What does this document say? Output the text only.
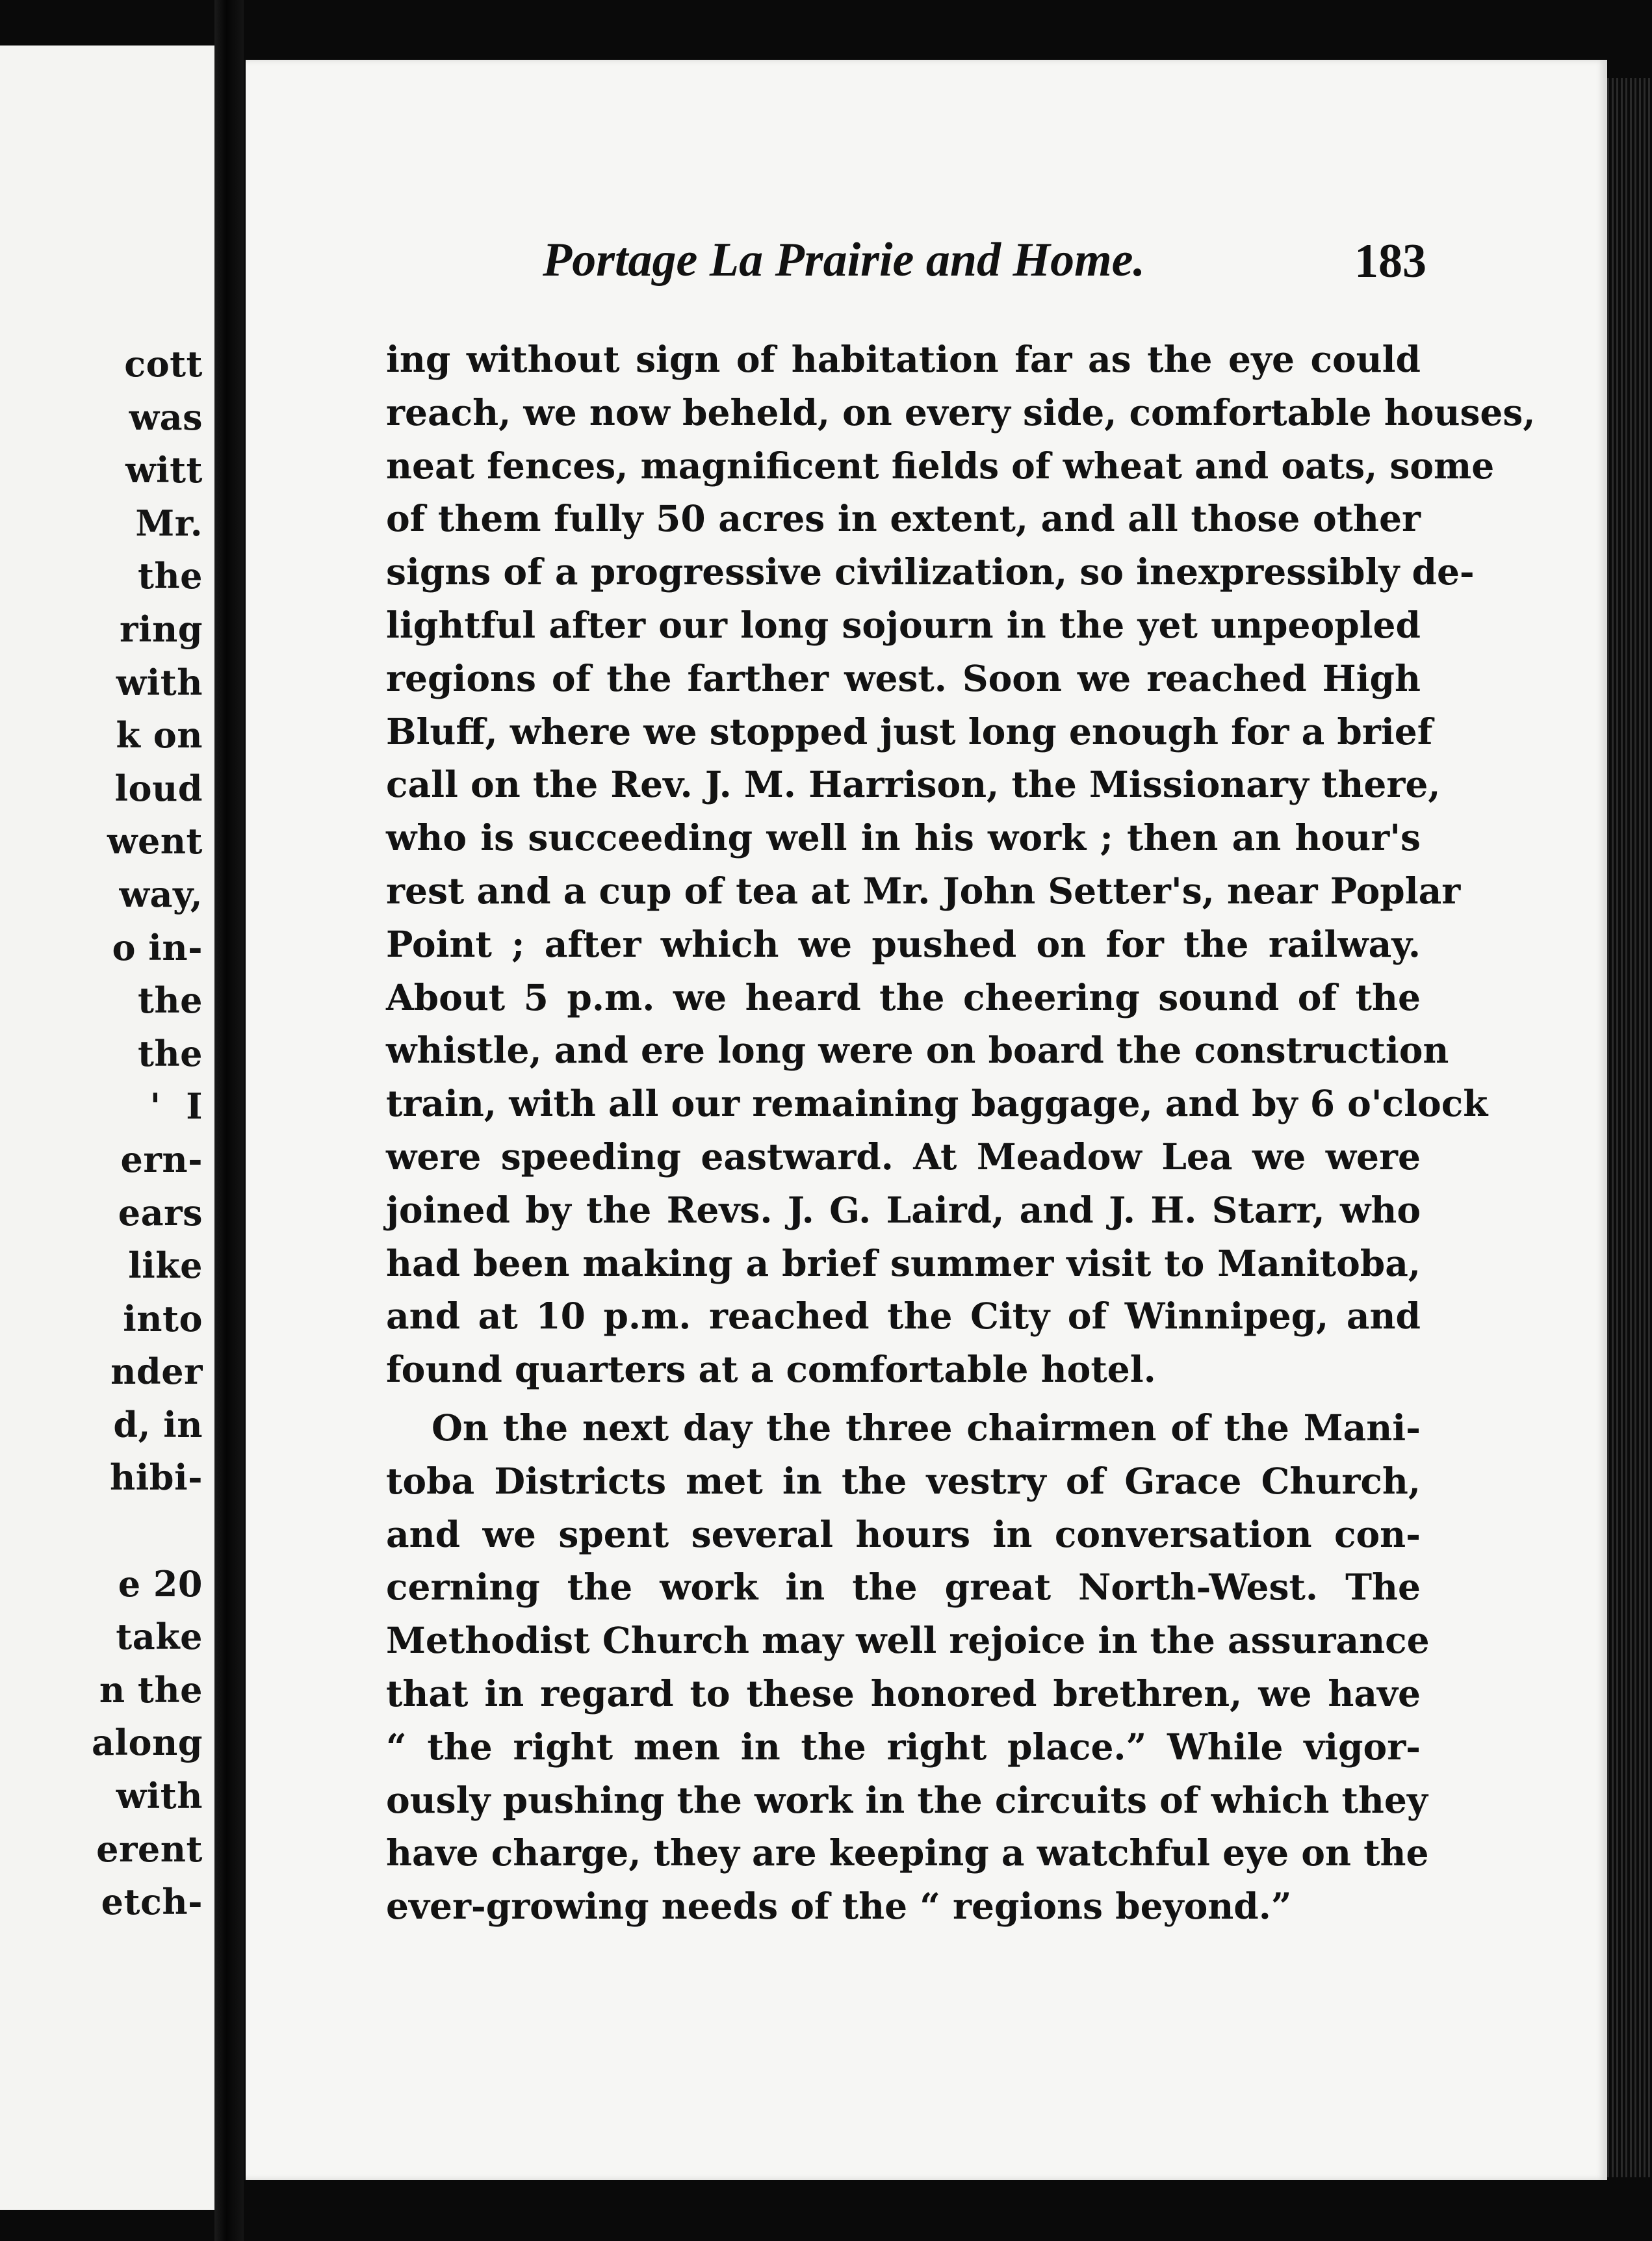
cott
was
witt
Mr.
the
ring
with
k on
loud
went
way,
o in-
the
the
'  I
ern-
ears
like
into
nder
d, in
hibi-
e 20
take
n the
along
with
erent
etch-
Portage La Prairie and Home.	183
ing without sign of habitation far as the eye could
reach, we now beheld, on every side, comfortable houses,
neat fences, magnificent fields of wheat and oats, some
of them fully 50 acres in extent, and all those other
signs of a progressive civilization, so inexpressibly de-
lightful after our long sojourn in the yet unpeopled
regions of the farther west. Soon we reached High
Bluff, where we stopped just long enough for a brief
call on the Rev. J. M. Harrison, the Missionary there,
who is succeeding well in his work ; then an hour's
rest and a cup of tea at Mr. John Setter's, near Poplar
Point ; after which we pushed on for the railway.
About 5 p.m. we heard the cheering sound of the
whistle, and ere long were on board the construction
train, with all our remaining baggage, and by 6 o'clock
were speeding eastward. At Meadow Lea we were
joined by the Revs. J. G. Laird, and J. H. Starr, who
had been making a brief summer visit to Manitoba,
and at 10 p.m. reached the City of Winnipeg, and
found quarters at a comfortable hotel.
On the next day the three chairmen of the Mani-
toba Districts met in the vestry of Grace Church,
and we spent several hours in conversation con-
cerning the work in the great North-West. The
Methodist Church may well rejoice in the assurance
that in regard to these honored brethren, we have
“ the right men in the right place.” While vigor-
ously pushing the work in the circuits of which they
have charge, they are keeping a watchful eye on the
ever-growing needs of the “ regions beyond.”
